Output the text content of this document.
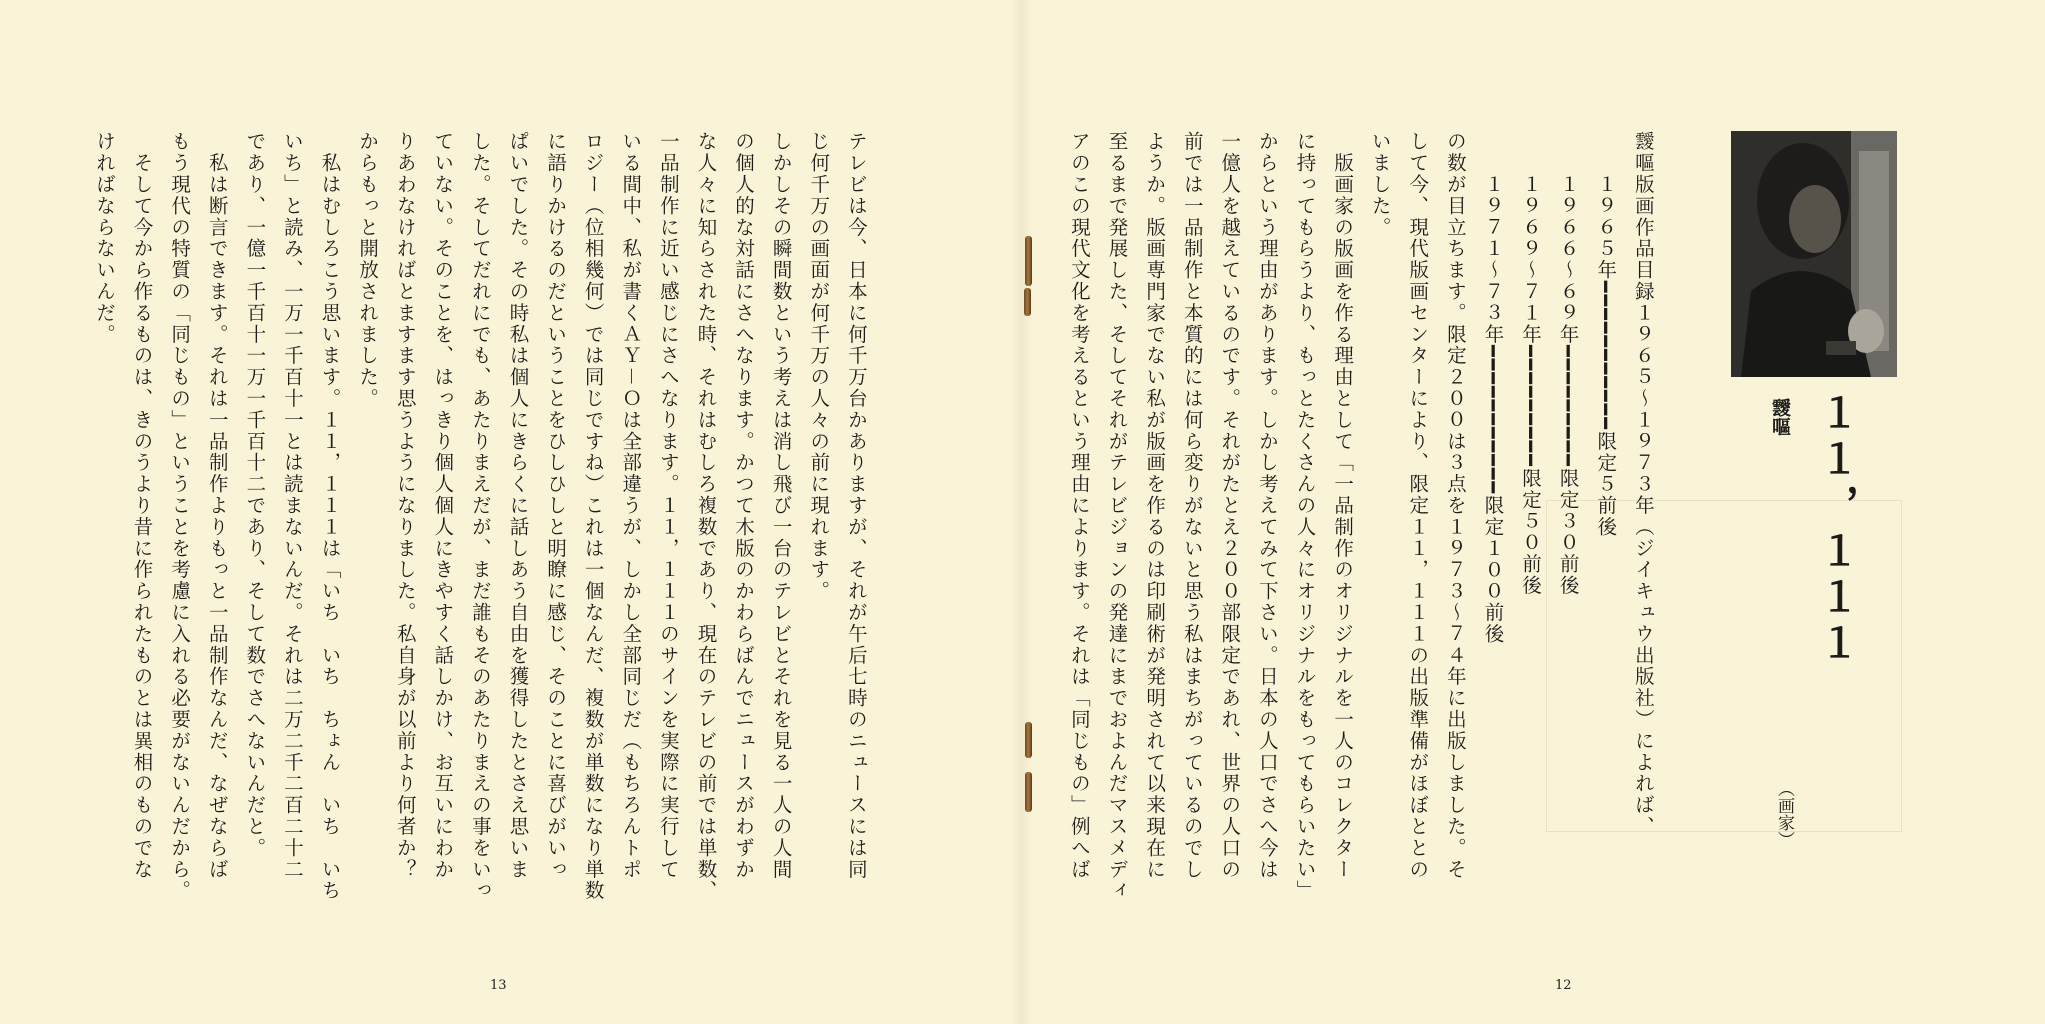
テレビは今、日本に何千万台かありますが、それが午后七時のニュースには同
じ何千万の画面が何千万の人々の前に現れます。
しかしその瞬間数という考えは消し飛び一台のテレビとそれを見る一人の人間
の個人的な対話にさへなります。かつて木版のかわらばんでニュースがわずか
な人々に知らされた時、それはむしろ複数であり、現在のテレビの前では単数、
一品制作に近い感じにさへなります。１１，１１１のサインを実際に実行して
いる間中、私が書くＡＹ－Ｏは全部違うが、しかし全部同じだ（もちろんトポ
ロジー（位相幾何）では同じですね）これは一個なんだ、複数が単数になり単数
に語りかけるのだということをひしひしと明瞭に感じ、そのことに喜びがいっ
ぱいでした。その時私は個人にきらくに話しあう自由を獲得したとさえ思いま
した。そしてだれにでも、あたりまえだが、まだ誰もそのあたりまえの事をいっ
ていない。そのことを、はっきり個人個人にきやすく話しかけ、お互いにわか
りあわなければとますます思うようになりました。私自身が以前より何者か？
からもっと開放されました。
　私はむしろこう思います。１１，１１１は「いち　いち　ちょん　いち　いち
いち」と読み、一万一千百十一とは読まないんだ。それは二万二千二百二十二
であり、一億一千百十一万一千百十二であり、そして数でさへないんだと。
　私は断言できます。それは一品制作よりもっと一品制作なんだ、なぜならば
もう現代の特質の「同じもの」ということを考慮に入れる必要がないんだから。
　そして今から作るものは、きのうより昔に作られたものとは異相のものでな
ければならないんだ。

13

靉嘔版画作品目録１９６５～１９７３年（ジイキュウ出版社）によれば、
　　１９６５年━━━━━━━━━━━限定５前後
　　１９６６～６９年━━━━━━━━━限定３０前後
　　１９６９～７１年━━━━━━━━━限定５０前後
　　１９７１～７３年━━━━━━━━━━━限定１００前後
の数が目立ちます。限定２００は３点を１９７３～７４年に出版しました。そ
して今、現代版画センターにより、限定１１，１１１の出版準備がほぼととの
いました。
　版画家の版画を作る理由として「一品制作のオリジナルを一人のコレクター
に持ってもらうより、もっとたくさんの人々にオリジナルをもってもらいたい」
からという理由があります。しかし考えてみて下さい。日本の人口でさへ今は
一億人を越えているのです。それがたとえ２００部限定であれ、世界の人口の
前では一品制作と本質的には何ら変りがないと思う私はまちがっているのでし
ようか。版画専門家でない私が版画を作るのは印刷術が発明されて以来現在に
至るまで発展した、そしてそれがテレビジョンの発達にまでおよんだマスメディ
アのこの現代文化を考えるという理由によります。それは「同じもの」例へば

12
１１，１１１
靉嘔
（画家）
